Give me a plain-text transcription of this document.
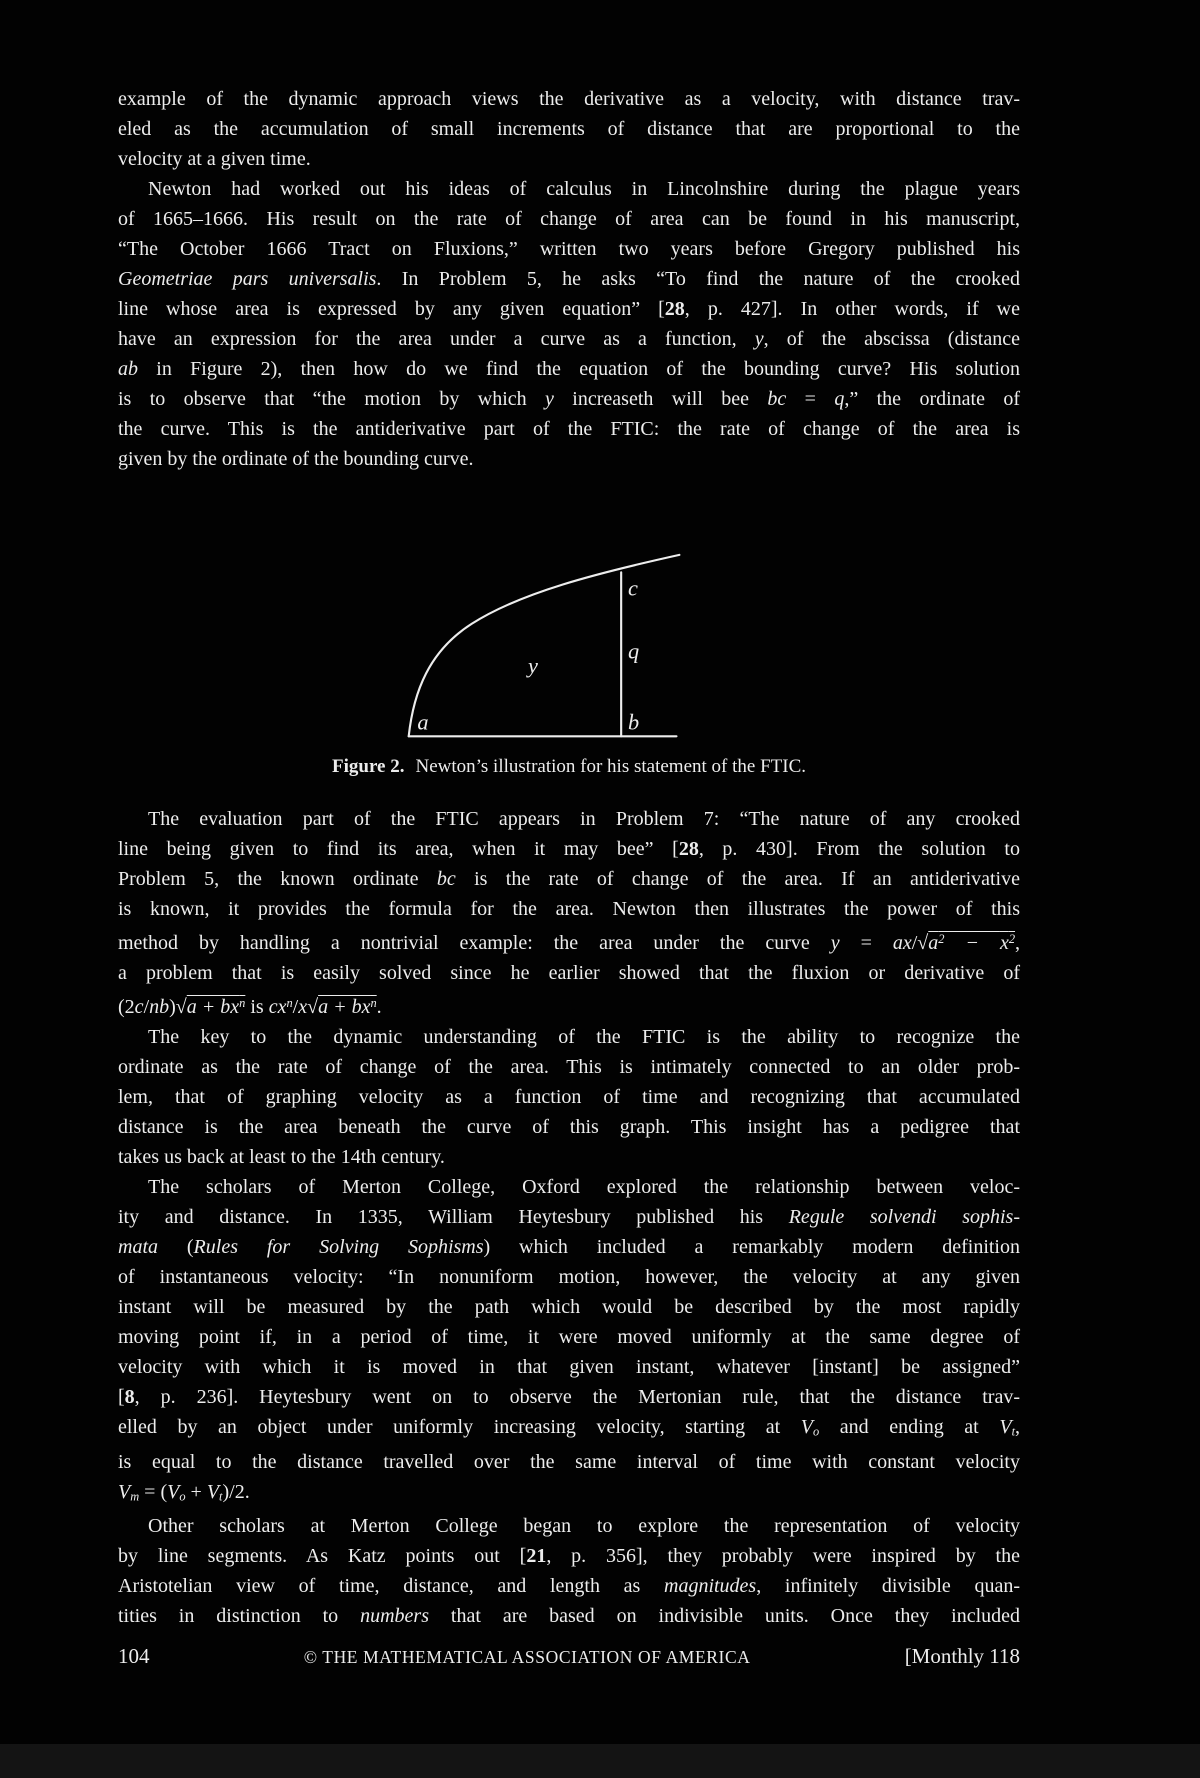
example of the dynamic approach views the derivative as a velocity, with distance trav-
eled as the accumulation of small increments of distance that are proportional to the
velocity at a given time.
Newton had worked out his ideas of calculus in Lincolnshire during the plague years
of 1665–1666. His result on the rate of change of area can be found in his manuscript,
“The October 1666 Tract on Fluxions,” written two years before Gregory published his
Geometriae pars universalis. In Problem 5, he asks “To find the nature of the crooked
line whose area is expressed by any given equation” [28, p. 427]. In other words, if we
have an expression for the area under a curve as a function, y, of the abscissa (distance
ab in Figure 2), then how do we find the equation of the bounding curve? His solution
is to observe that “the motion by which y increaseth will bee bc = q,” the ordinate of
the curve. This is the antiderivative part of the FTIC: the rate of change of the area is
given by the ordinate of the bounding curve.
a	b
c
q
y
Figure 2. Newton’s illustration for his statement of the FTIC.
The evaluation part of the FTIC appears in Problem 7: “The nature of any crooked
line being given to find its area, when it may bee” [28, p. 430]. From the solution to
Problem 5, the known ordinate bc is the rate of change of the area. If an antiderivative
is known, it provides the formula for the area. Newton then illustrates the power of this
method by handling a nontrivial example: the area under the curve $y = ax/√a^2 - x^2$,
a problem that is easily solved since he earlier showed that the fluxion or derivative of
$(2c/nb)√a + bx^n$ is $cx^n/x√a + bx^n$.
The key to the dynamic understanding of the FTIC is the ability to recognize the
ordinate as the rate of change of the area. This is intimately connected to an older prob-
lem, that of graphing velocity as a function of time and recognizing that accumulated
distance is the area beneath the curve of this graph. This insight has a pedigree that
takes us back at least to the 14th century.
The scholars of Merton College, Oxford explored the relationship between veloc-
ity and distance. In 1335, William Heytesbury published his Regule solvendi sophis-
mata (Rules for Solving Sophisms) which included a remarkably modern definition
of instantaneous velocity: “In nonuniform motion, however, the velocity at any given
instant will be measured by the path which would be described by the most rapidly
moving point if, in a period of time, it were moved uniformly at the same degree of
velocity with which it is moved in that given instant, whatever [instant] be assigned”
[8, p. 236]. Heytesbury went on to observe the Mertonian rule, that the distance trav-
elled by an object under uniformly increasing velocity, starting at Vo and ending at Vt,
is equal to the distance travelled over the same interval of time with constant velocity
Vm = (Vo + Vt)/2.
Other scholars at Merton College began to explore the representation of velocity
by line segments. As Katz points out [21, p. 356], they probably were inspired by the
Aristotelian view of time, distance, and length as magnitudes, infinitely divisible quan-
tities in distinction to numbers that are based on indivisible units. Once they included
104	© THE MATHEMATICAL ASSOCIATION OF AMERICA	[Monthly 118
